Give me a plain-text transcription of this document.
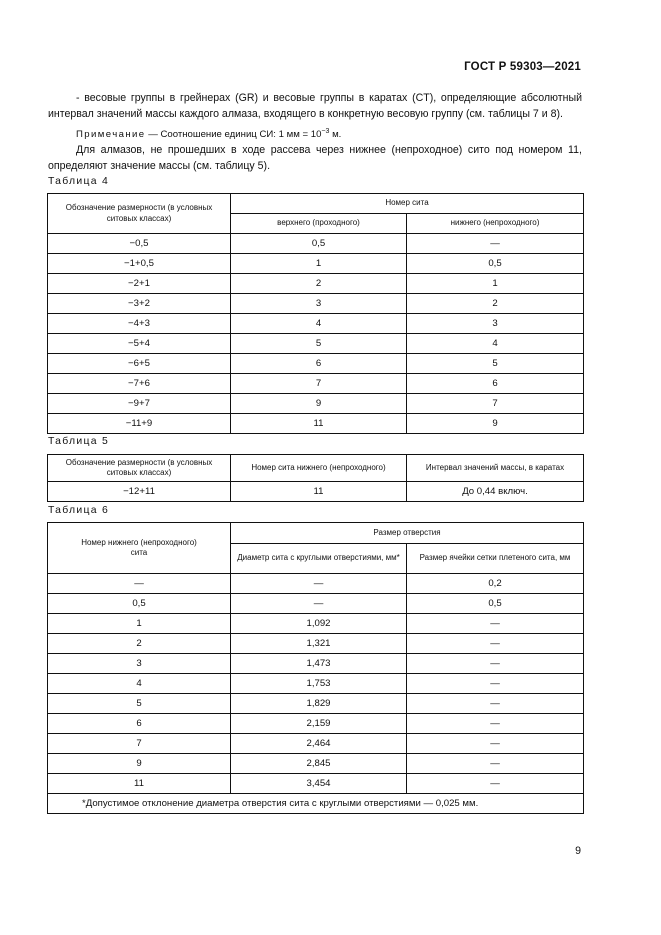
ГОСТ Р 59303—2021
- весовые группы в грейнерах (GR) и весовые группы в каратах (CT), определяющие абсолютный интервал значений массы каждого алмаза, входящего в конкретную весовую группу (см. таблицы 7 и 8).
Примечание — Соотношение единиц СИ: 1 мм = $10^{-3}$ м.
Для алмазов, не прошедших в ходе рассева через нижнее (непроходное) сито под номером 11, определяют значение массы (см. таблицу 5).
Таблица 4
Обозначение размерности (в условных ситовых классах)	Номер сита	
	верхнего (проходного)	нижнего (непроходного)
−0,5	0,5	—
−1+0,5	1	0,5
−2+1	2	1
−3+2	3	2
−4+3	4	3
−5+4	5	4
−6+5	6	5
−7+6	7	6
−9+7	9	7
−11+9	11	9
Таблица 5
Обозначение размерности (в условных ситовых классах)	Номер сита нижнего (непроходного)	Интервал значений массы, в каратах
−12+11	11	До 0,44 включ.
Таблица 6
Номер нижнего (непроходного) сита	Размер отверстия	
	Диаметр сита с круглыми отверстиями, мм*	Размер ячейки сетки плетеного сита, мм
—	—	0,2
0,5	—	0,5
1	1,092	—
2	1,321	—
3	1,473	—
4	1,753	—
5	1,829	—
6	2,159	—
7	2,464	—
9	2,845	—
11	3,454	—
*Допустимое отклонение диаметра отверстия сита с круглыми отверстиями — 0,025 мм.		
9
